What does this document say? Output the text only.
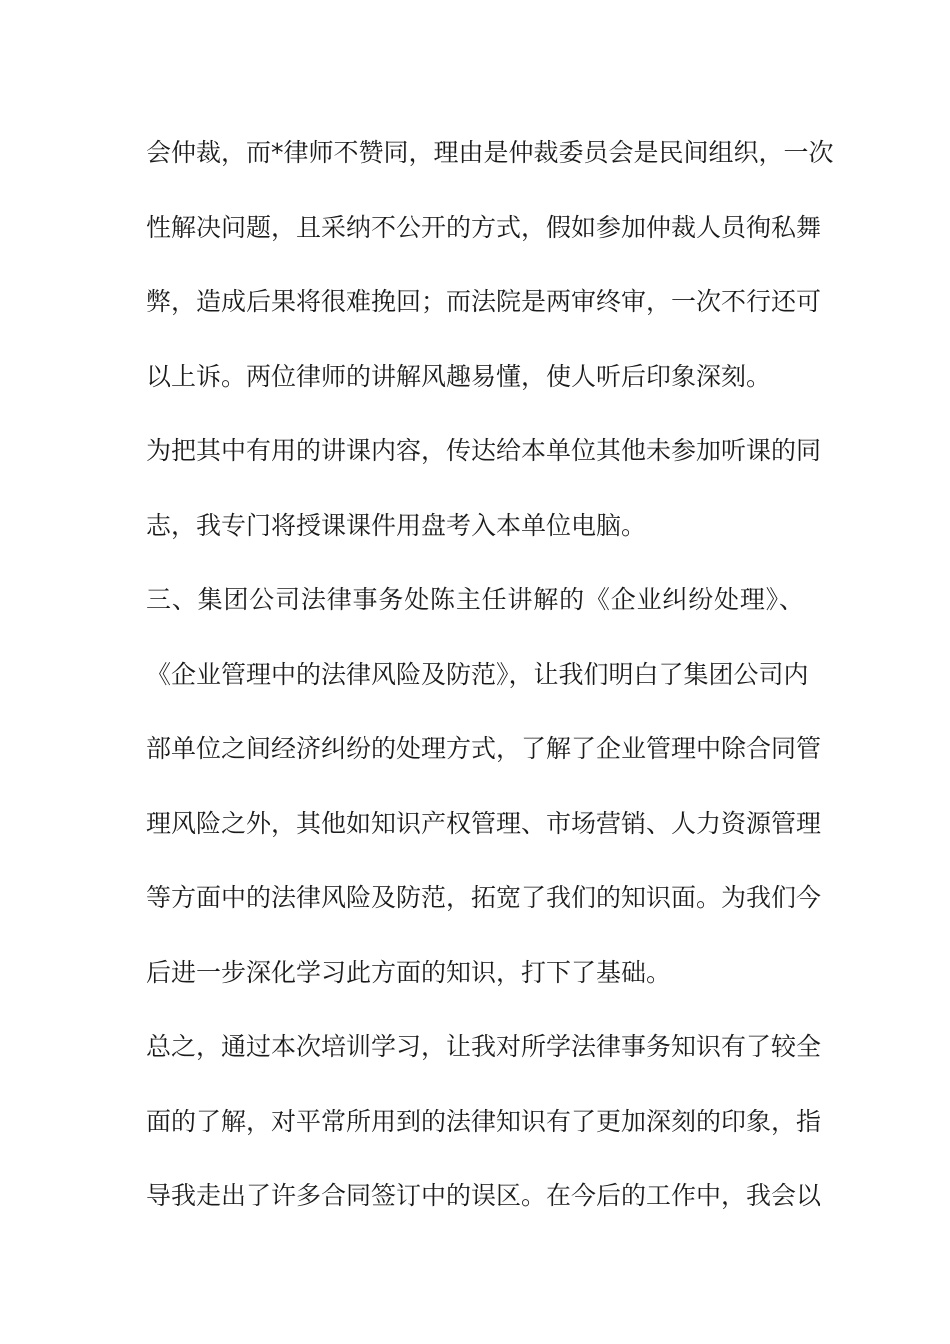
会仲裁，而*律师不赞同，理由是仲裁委员会是民间组织，一次
性解决问题，且采纳不公开的方式，假如参加仲裁人员徇私舞
弊，造成后果将很难挽回；而法院是两审终审，一次不行还可
以上诉。两位律师的讲解风趣易懂，使人听后印象深刻。
为把其中有用的讲课内容，传达给本单位其他未参加听课的同
志，我专门将授课课件用盘考入本单位电脑。
三、集团公司法律事务处陈主任讲解的《企业纠纷处理》、
《企业管理中的法律风险及防范》，让我们明白了集团公司内
部单位之间经济纠纷的处理方式，了解了企业管理中除合同管
理风险之外，其他如知识产权管理、市场营销、人力资源管理
等方面中的法律风险及防范，拓宽了我们的知识面。为我们今
后进一步深化学习此方面的知识，打下了基础。
总之，通过本次培训学习，让我对所学法律事务知识有了较全
面的了解，对平常所用到的法律知识有了更加深刻的印象，指
导我走出了许多合同签订中的误区。在今后的工作中，我会以
